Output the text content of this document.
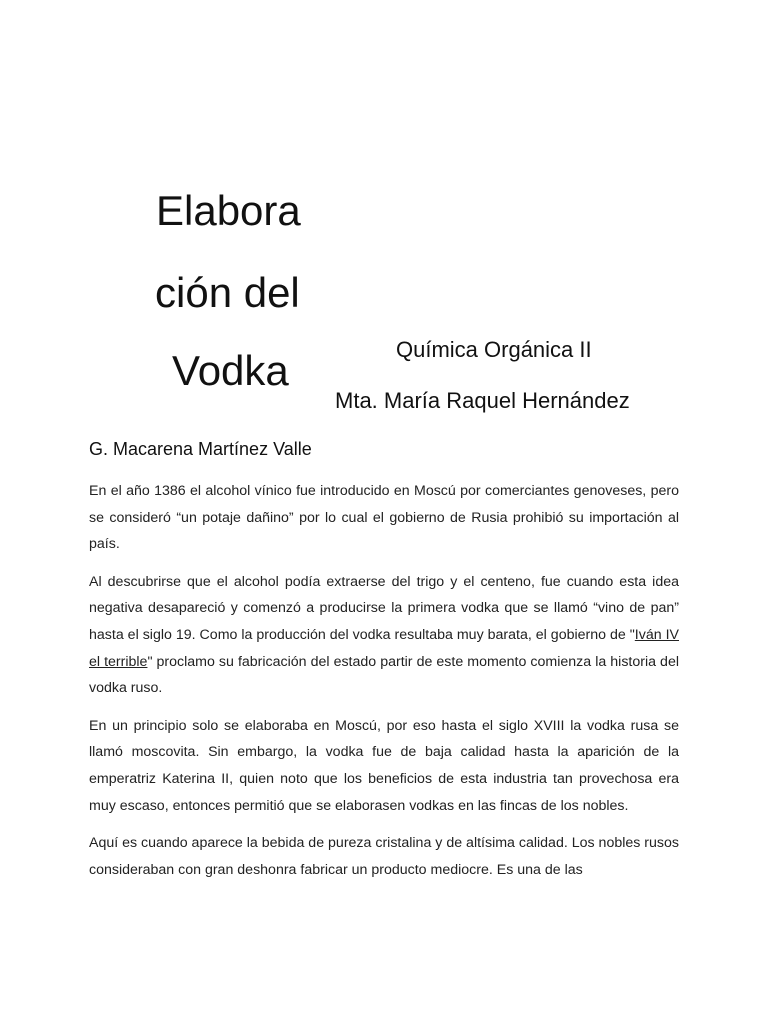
Elabora
ción del
Vodka	Química Orgánica II
Mta. María Raquel Hernández
G. Macarena Martínez Valle

En el año 1386 el alcohol vínico fue introducido en Moscú por comerciantes genoveses, pero se consideró “un potaje dañino” por lo cual el gobierno de Rusia prohibió su importación al país.

Al descubrirse que el alcohol podía extraerse del trigo y el centeno, fue cuando esta idea negativa desapareció y comenzó a producirse la primera vodka que se llamó “vino de pan” hasta el siglo 19. Como la producción del vodka resultaba muy barata, el gobierno de "Iván IV el terrible" proclamo su fabricación del estado partir de este momento comienza la historia del vodka ruso.

En un principio solo se elaboraba en Moscú, por eso hasta el siglo XVIII la vodka rusa se llamó moscovita. Sin embargo, la vodka fue de baja calidad hasta la aparición de la emperatriz Katerina II, quien noto que los beneficios de esta industria tan provechosa era muy escaso, entonces permitió que se elaborasen vodkas en las fincas de los nobles.

Aquí es cuando aparece la bebida de pureza cristalina y de altísima calidad. Los nobles rusos consideraban con gran deshonra fabricar un producto mediocre. Es una de las
